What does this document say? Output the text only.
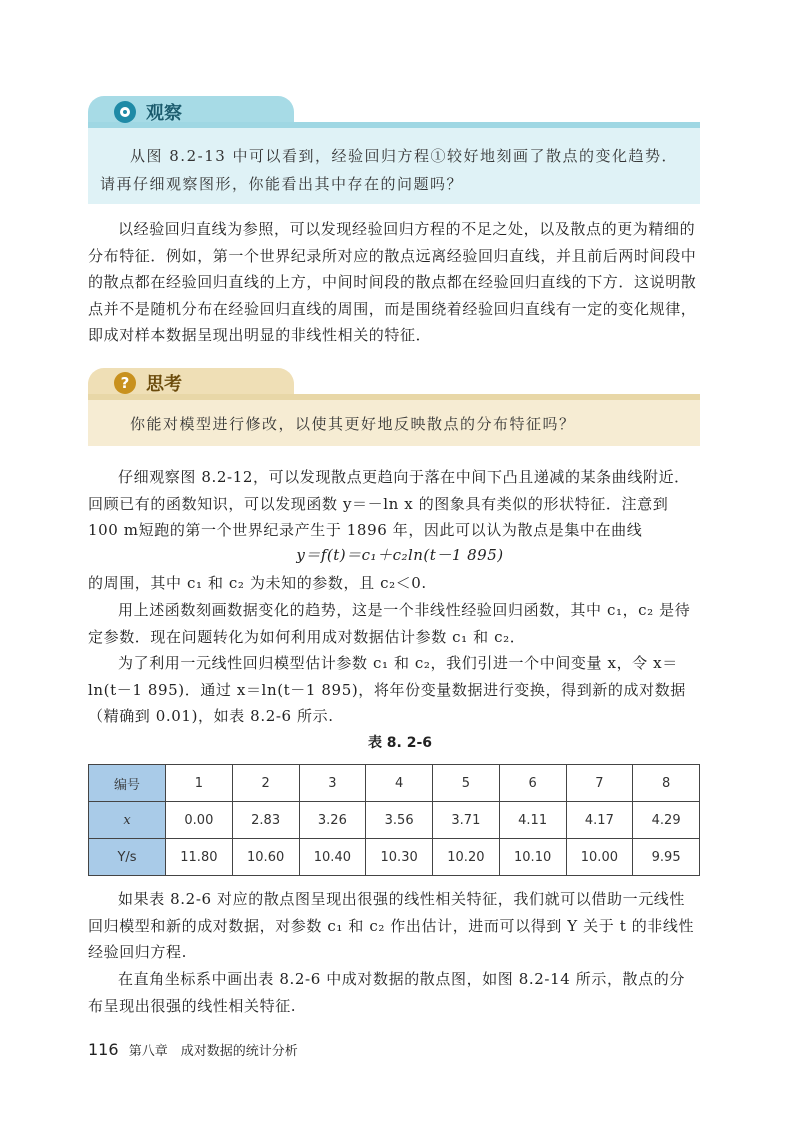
观察
从图 8.2-13 中可以看到，经验回归方程①较好地刻画了散点的变化趋势．请再仔细观察图形，你能看出其中存在的问题吗？
以经验回归直线为参照，可以发现经验回归方程的不足之处，以及散点的更为精细的分布特征．例如，第一个世界纪录所对应的散点远离经验回归直线，并且前后两时间段中的散点都在经验回归直线的上方，中间时间段的散点都在经验回归直线的下方．这说明散点并不是随机分布在经验回归直线的周围，而是围绕着经验回归直线有一定的变化规律，即成对样本数据呈现出明显的非线性相关的特征．
? 思考
你能对模型进行修改，以使其更好地反映散点的分布特征吗？
仔细观察图 8.2-12，可以发现散点更趋向于落在中间下凸且递减的某条曲线附近．回顾已有的函数知识，可以发现函数 y＝－ln x 的图象具有类似的形状特征．注意到 100 m短跑的第一个世界纪录产生于 1896 年，因此可以认为散点是集中在曲线
y＝f(t)＝c₁＋c₂ln(t－1 895)
的周围，其中 c₁ 和 c₂ 为未知的参数，且 c₂＜0.
用上述函数刻画数据变化的趋势，这是一个非线性经验回归函数，其中 c₁，c₂ 是待定参数．现在问题转化为如何利用成对数据估计参数 c₁ 和 c₂．
为了利用一元线性回归模型估计参数 c₁ 和 c₂，我们引进一个中间变量 x，令 x＝ln(t－1 895)．通过 x＝ln(t－1 895)，将年份变量数据进行变换，得到新的成对数据（精确到 0.01)，如表 8.2-6 所示.
表 8. 2-6
编号	1	2	3	4	5	6	7	8
x	0.00	2.83	3.26	3.56	3.71	4.11	4.17	4.29
Y/s	11.80	10.60	10.40	10.30	10.20	10.10	10.00	9.95
如果表 8.2-6 对应的散点图呈现出很强的线性相关特征，我们就可以借助一元线性回归模型和新的成对数据，对参数 c₁ 和 c₂ 作出估计，进而可以得到 Y 关于 t 的非线性经验回归方程.
在直角坐标系中画出表 8.2-6 中成对数据的散点图，如图 8.2-14 所示，散点的分布呈现出很强的线性相关特征.
116 第八章　成对数据的统计分析
